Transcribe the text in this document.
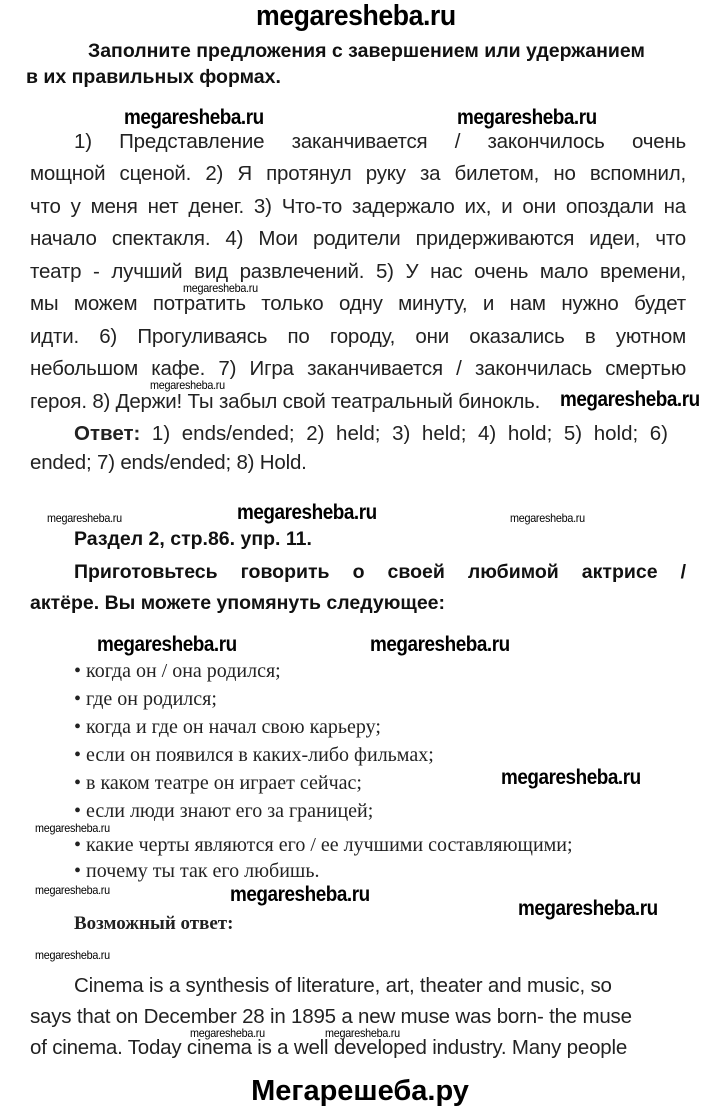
megaresheba.ru
megaresheba.ru	megaresheba.ru
megaresheba.ru
megaresheba.ru
megaresheba.ru
megaresheba.ru	megaresheba.ru	megaresheba.ru
megaresheba.ru	megaresheba.ru
megaresheba.ru
megaresheba.ru
megaresheba.ru	megaresheba.ru
megaresheba.ru
megaresheba.ru
megaresheba.ru	megaresheba.ru
Заполните предложения с завершением или удержанием
в их правильных формах.
1) Представление заканчивается / закончилось очень
мощной сценой. 2) Я протянул руку за билетом, но вспомнил,
что у меня нет денег. 3) Что-то задержало их, и они опоздали на
начало спектакля. 4) Мои родители придерживаются идеи, что
театр - лучший вид развлечений. 5) У нас очень мало времени,
мы можем потратить только одну минуту, и нам нужно будет
идти. 6) Прогуливаясь по городу, они оказались в уютном
небольшом кафе. 7) Игра заканчивается / закончилась смертью
героя. 8) Держи! Ты забыл свой театральный бинокль.
Ответ: 1) ends/ended; 2) held; 3) held; 4) hold; 5) hold; 6)
ended; 7) ends/ended; 8) Hold.
Раздел 2, стр.86. упр. 11.
Приготовьтесь говорить о своей любимой актрисе /
актёре. Вы можете упомянуть следующее:
• когда он / она родился;
• где он родился;
• когда и где он начал свою карьеру;
• если он появился в каких-либо фильмах;
• в каком театре он играет сейчас;
• если люди знают его за границей;
• какие черты являются его / ее лучшими составляющими;
• почему ты так его любишь.
Возможный ответ:
Cinema is a synthesis of literature, art, theater and music, so
says that on December 28 in 1895 a new muse was born- the muse
of cinema. Today cinema is a well developed industry. Many people
Мегарешеба.ру
